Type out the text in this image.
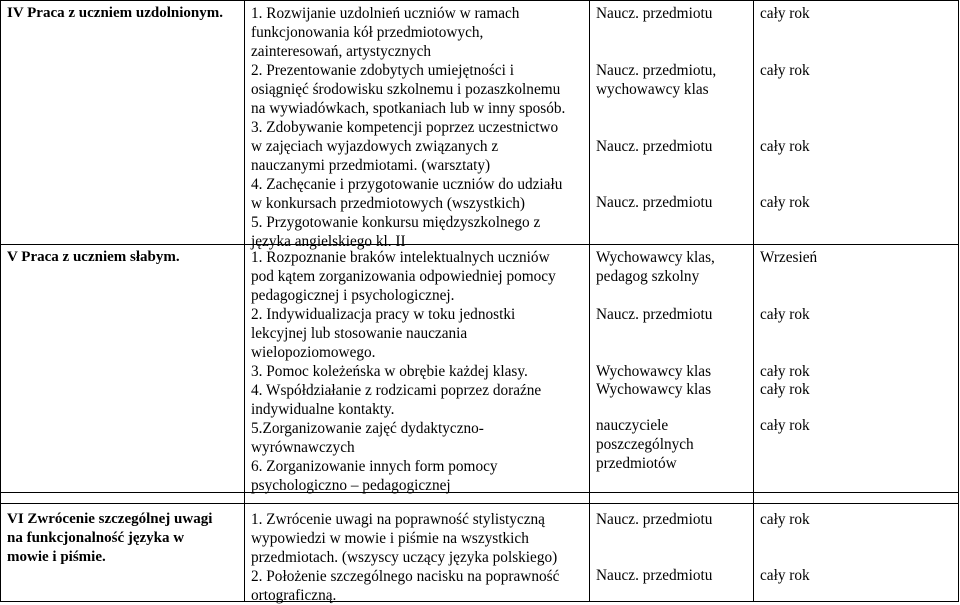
IV Praca z uczniem uzdolnionym. 1. Rozwijanie uzdolnień uczniów w ramach
funkcjonowania kół przedmiotowych,
zainteresowań, artystycznych
2. Prezentowanie zdobytych umiejętności i
osiągnięć środowisku szkolnemu i pozaszkolnemu
na wywiadówkach, spotkaniach lub w inny sposób.
3. Zdobywanie kompetencji poprzez uczestnictwo
w zajęciach wyjazdowych związanych z
nauczanymi przedmiotami. (warsztaty)
4. Zachęcanie i przygotowanie uczniów do udziału
w konkursach przedmiotowych (wszystkich)
5. Przygotowanie konkursu międzyszkolnego z
języka angielskiego kl. II
Naucz. przedmiotu
Naucz. przedmiotu,
wychowawcy klas
Naucz. przedmiotu
Naucz. przedmiotu
cały rok
cały rok
cały rok
cały rok
V Praca z uczniem słabym.	1. Rozpoznanie braków intelektualnych uczniów
pod kątem zorganizowania odpowiedniej pomocy
pedagogicznej i psychologicznej.
2. Indywidualizacja pracy w toku jednostki
lekcyjnej lub stosowanie nauczania
wielopoziomowego.
3. Pomoc koleżeńska w obrębie każdej klasy.
4. Współdziałanie z rodzicami poprzez doraźne
indywidualne kontakty.
5.Zorganizowanie zajęć dydaktyczno-
wyrównawczych
6. Zorganizowanie innych form pomocy
psychologiczno – pedagogicznej
Wychowawcy klas,
pedagog szkolny
Naucz. przedmiotu
Wychowawcy klas
Wychowawcy klas
nauczyciele
poszczególnych
przedmiotów
Wrzesień
cały rok
cały rok
cały rok
cały rok
VI Zwrócenie szczególnej uwagi
na funkcjonalność języka w
mowie i piśmie.
1. Zwrócenie uwagi na poprawność stylistyczną
wypowiedzi w mowie i piśmie na wszystkich
przedmiotach. (wszyscy uczący języka polskiego)
2. Położenie szczególnego nacisku na poprawność
ortograficzną.
Naucz. przedmiotu
Naucz. przedmiotu
cały rok
cały rok
